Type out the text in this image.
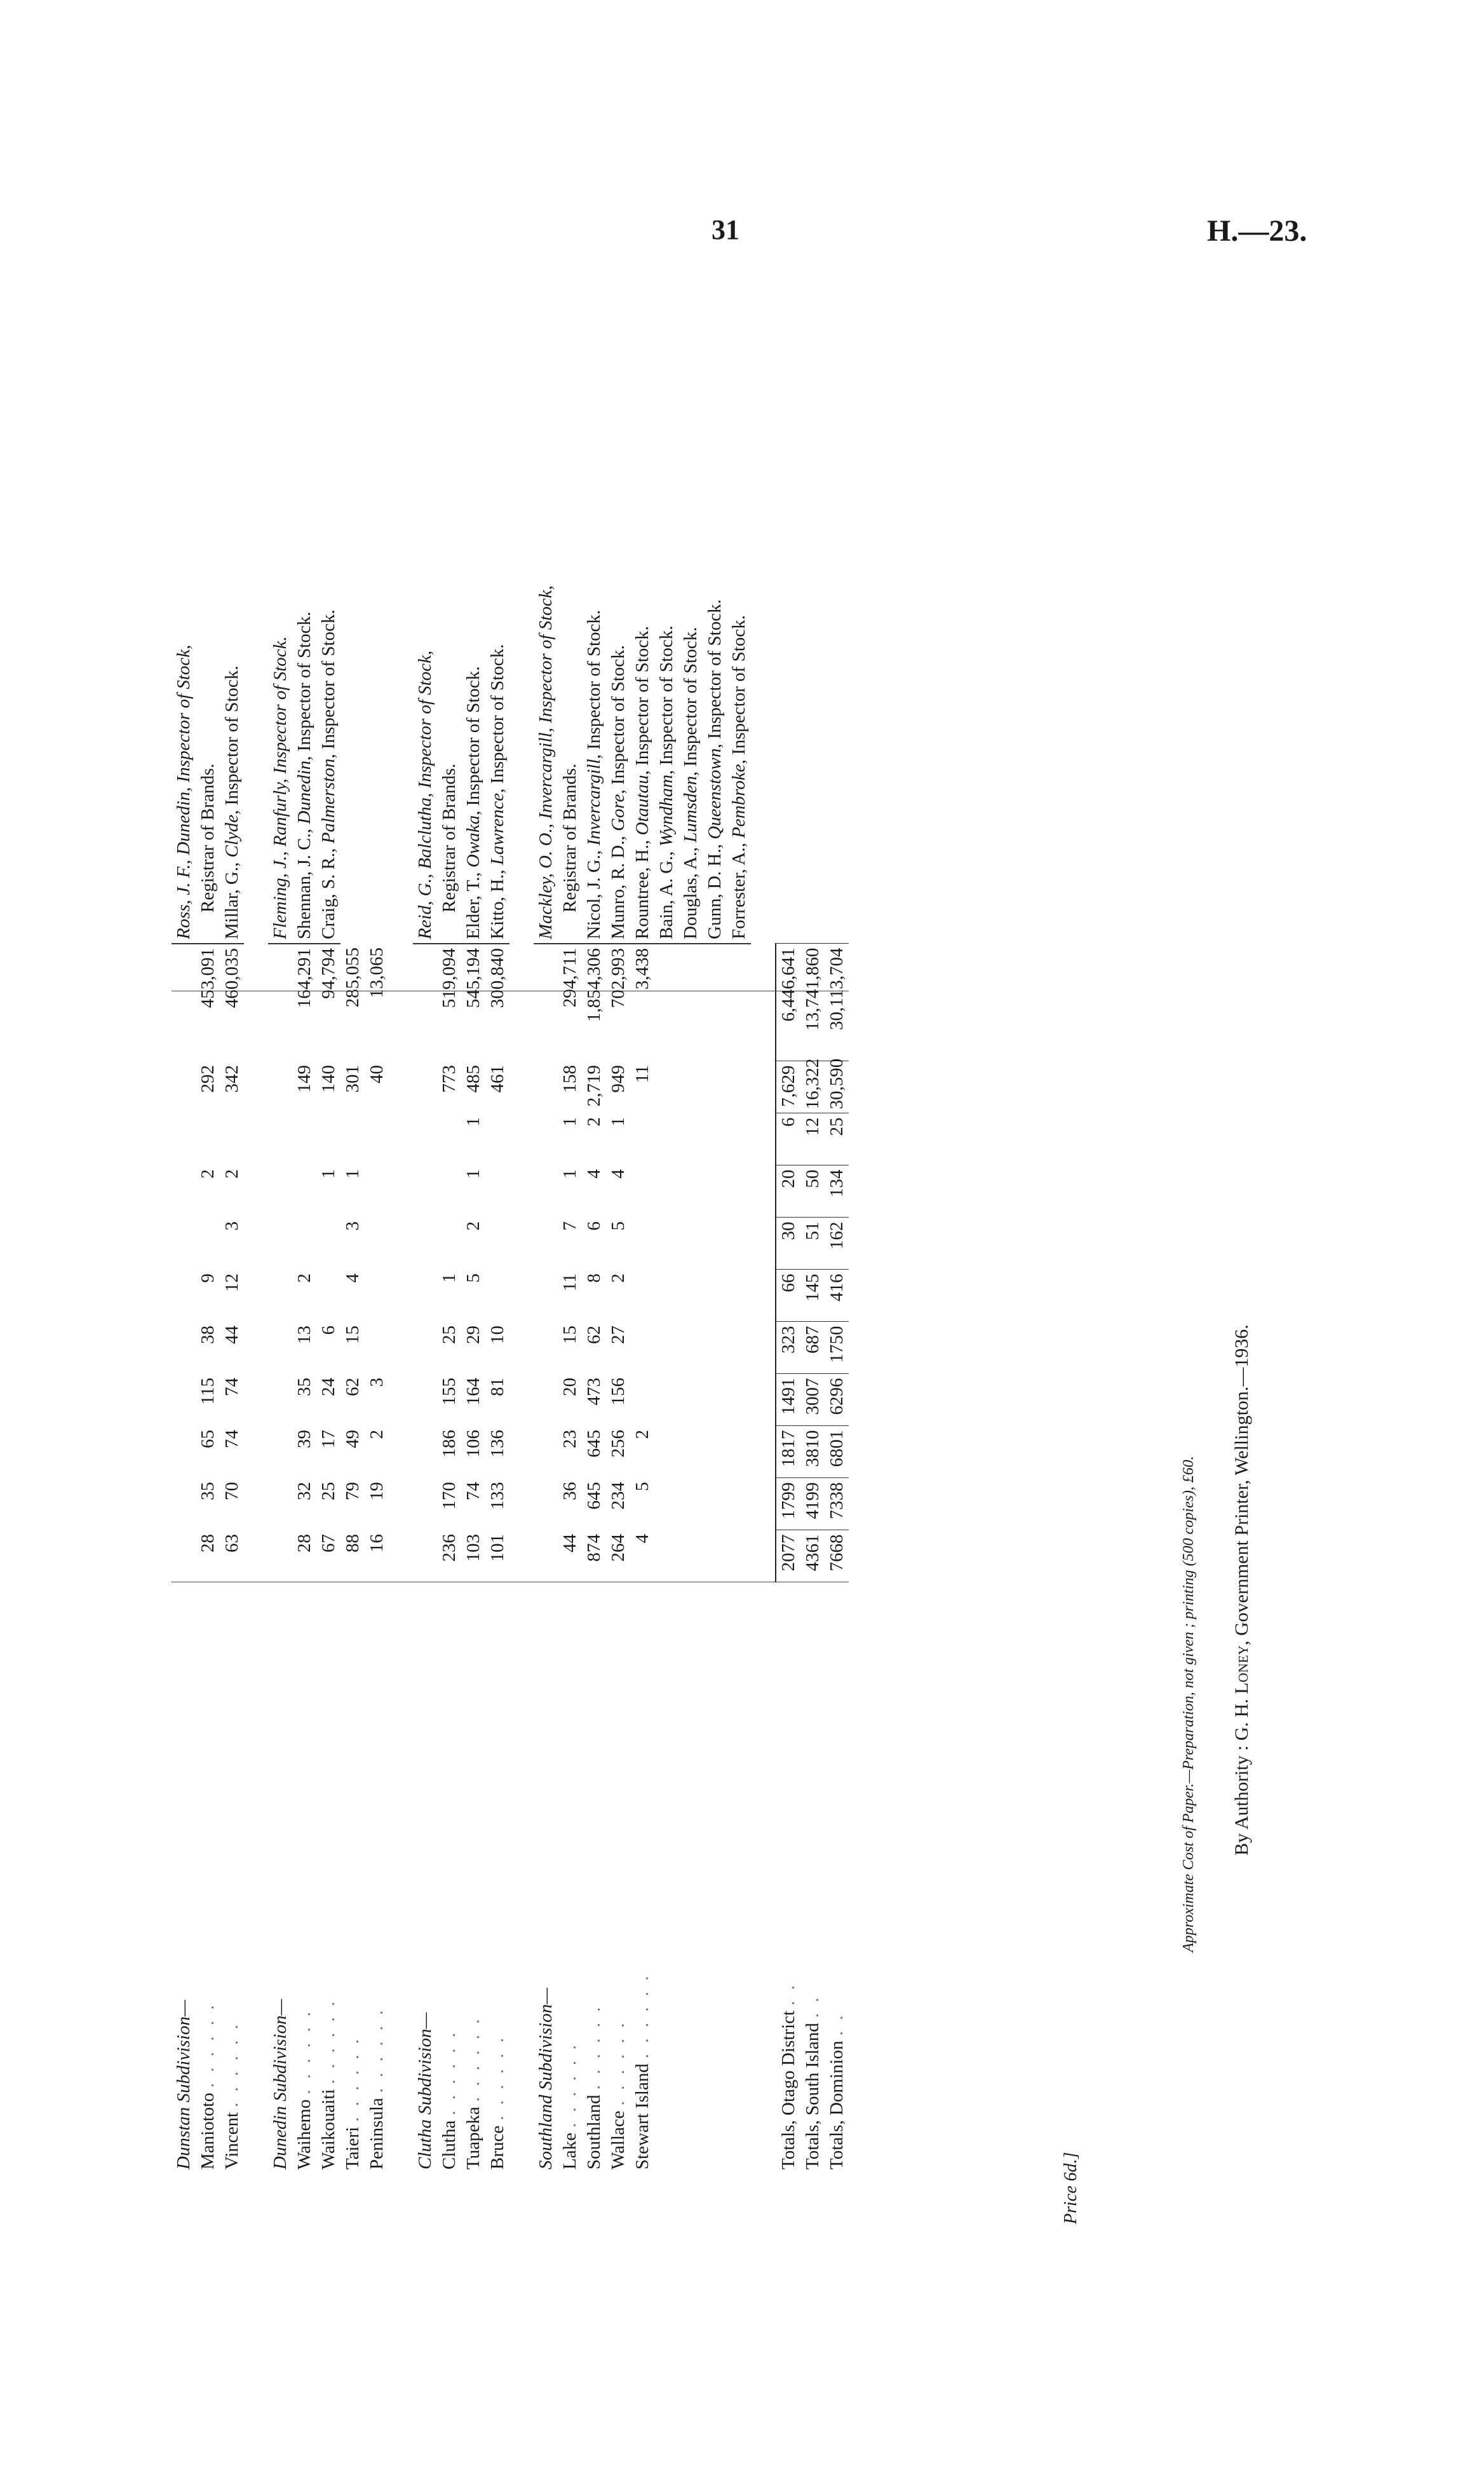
31	H.—23.
Dunstan Subdivision—												Ross, J. F., Dunedin, Inspector of Stock,
Maniototo. . . . . .	28	35	65	115	38	9		2		292	453,091	Registrar of Brands.
Vincent. . . . . .	63	70	74	74	44	12	3	2		342	460,035	Millar, G., Clyde, Inspector of Stock.

Dunedin Subdivision—												Fleming, J., Ranfurly, Inspector of Stock.
Waihemo. . . . . .	28	32	39	35	13	2				149	164,291	Shennan, J. C., Dunedin, Inspector of Stock.
Waikouaiti. . . . . .	67	25	17	24	6			1		140	94,794	Craig, S. R., Palmerston, Inspector of Stock.
Taieri. . . . . .	88	79	49	62	15	4	3	1		301	285,055	
Peninsula. . . . . .	16	19	2	3						40	13,065	

Clutha Subdivision—												Reid, G., Balclutha, Inspector of Stock,
Clutha. . . . . .	236	170	186	155	25	1				773	519,094	Registrar of Brands.
Tuapeka. . . . . .	103	74	106	164	29	5	2	1	1	485	545,194	Elder, T., Owaka, Inspector of Stock.
Bruce. . . . . .	101	133	136	81	10					461	300,840	Kitto, H., Lawrence, Inspector of Stock.

Southland Subdivision—												Mackley, O. O., Invercargill, Inspector of Stock,
Lake. . . . . .	44	36	23	20	15	11	7	1	1	158	294,711	Registrar of Brands.
Southland. . . . . .	874	645	645	473	62	8	6	4	2	2,719	1,854,306	Nicol, J. G., Invercargill, Inspector of Stock.
Wallace. . . . . .	264	234	256	156	27	2	5	4	1	949	702,993	Munro, R. D., Gore, Inspector of Stock.
Stewart Island. . . . . .	4	5	2							11	3,438	Rountree, H., Otautau, Inspector of Stock.
												Bain, A. G., Wyndham, Inspector of Stock.
												Douglas, A., Lumsden, Inspector of Stock.
												Gunn, D. H., Queenstown, Inspector of Stock.
												Forrester, A., Pembroke, Inspector of Stock.

Totals, Otago District. .	2077	1799	1817	1491	323	66	30	20	6	7,629	6,446,641	
Totals, South Island. .	4361	4199	3810	3007	687	145	51	50	12	16,322	13,741,860	
Totals, Dominion. .	7668	7338	6801	6296	1750	416	162	134	25	30,590	30,113,704	
Approximate Cost of Paper.—Preparation, not given ; printing (500 copies), £60. By Authority : G. H. Loney, Government Printer, Wellington.—1936.
Price 6d.]
